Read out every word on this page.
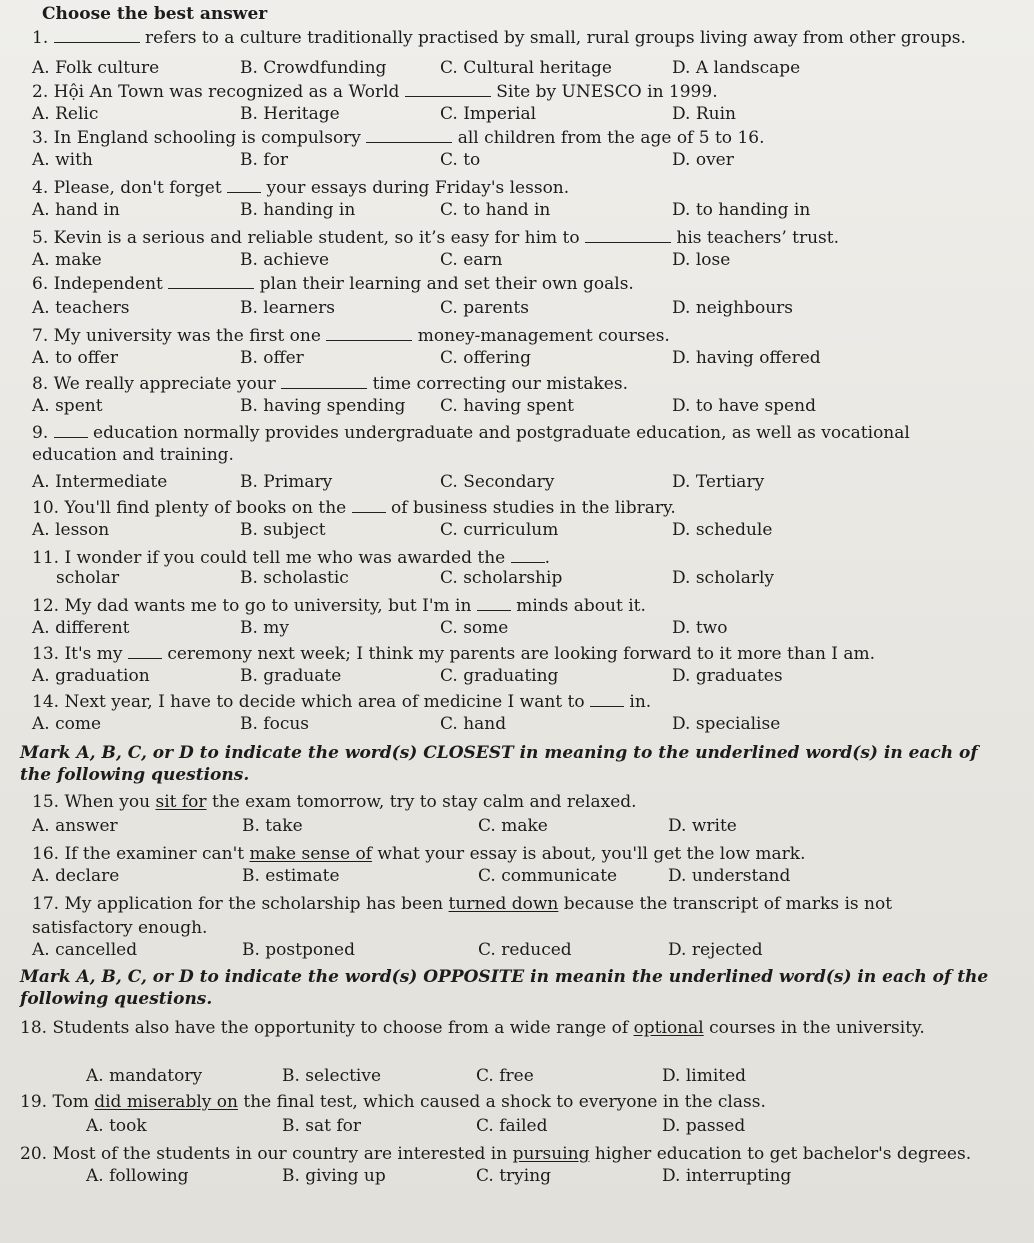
Choose the best answer
1.	refers to a culture traditionally practised by small, rural groups living away from other groups.
A. Folk culture	B. Crowdfunding	C. Cultural heritage	D. A landscape
2. Hội An Town was recognized as a World	Site by UNESCO in 1999.
A. Relic	B. Heritage	C. Imperial	D. Ruin
3. In England schooling is compulsory	all children from the age of 5 to 16.
A. with	B. for	C. to	D. over
4. Please, don't forget	your essays during Friday's lesson.
A. hand in	B. handing in	C. to hand in	D. to handing in
5. Kevin is a serious and reliable student, so it’s easy for him to	his teachers’ trust.
A. make	B. achieve	C. earn	D. lose
6. Independent	plan their learning and set their own goals.
A. teachers	B. learners	C. parents	D. neighbours
7. My university was the first one	money-management courses.
A. to offer	B. offer	C. offering	D. having offered
8. We really appreciate your	time correcting our mistakes.
A. spent	B. having spending C. having spent	D. to have spend
9.	education normally provides undergraduate and postgraduate education, as well as vocational education and training.
A. Intermediate	B. Primary	C. Secondary	D. Tertiary
10. You'll find plenty of books on the	of business studies in the library.
A. lesson	B. subject	C. curriculum	D. schedule
11. I wonder if you could tell me who was awarded the .
scholar	B. scholastic	C. scholarship	D. scholarly
12. My dad wants me to go to university, but I'm in	minds about it.
A. different	B. my	C. some	D. two
13. It's my	ceremony next week; I think my parents are looking forward to it more than I am.
A. graduation	B. graduate	C. graduating	D. graduates
14. Next year, I have to decide which area of medicine I want to	in.
A. come	B. focus	C. hand	D. specialise
Mark A, B, C, or D to indicate the word(s) CLOSEST in meaning to the underlined word(s) in each of the following questions.
15. When you sit for the exam tomorrow, try to stay calm and relaxed.
A. answer	B. take	C. make	D. write
16. If the examiner can't make sense of what your essay is about, you'll get the low mark.
A. declare	B. estimate	C. communicate	D. understand
17. My application for the scholarship has been turned down because the transcript of marks is not satisfactory enough.
A. cancelled	B. postponed	C. reduced	D. rejected
Mark A, B, C, or D to indicate the word(s) OPPOSITE in meanin the underlined word(s) in each of the following questions.
18. Students also have the opportunity to choose from a wide range of optional courses in the university.
A. mandatory	B. selective	C. free	D. limited
19. Tom did miserably on the final test, which caused a shock to everyone in the class.
A. took	B. sat for	C. failed	D. passed
20. Most of the students in our country are interested in pursuing higher education to get bachelor's degrees.
A. following	B. giving up	C. trying	D. interrupting
